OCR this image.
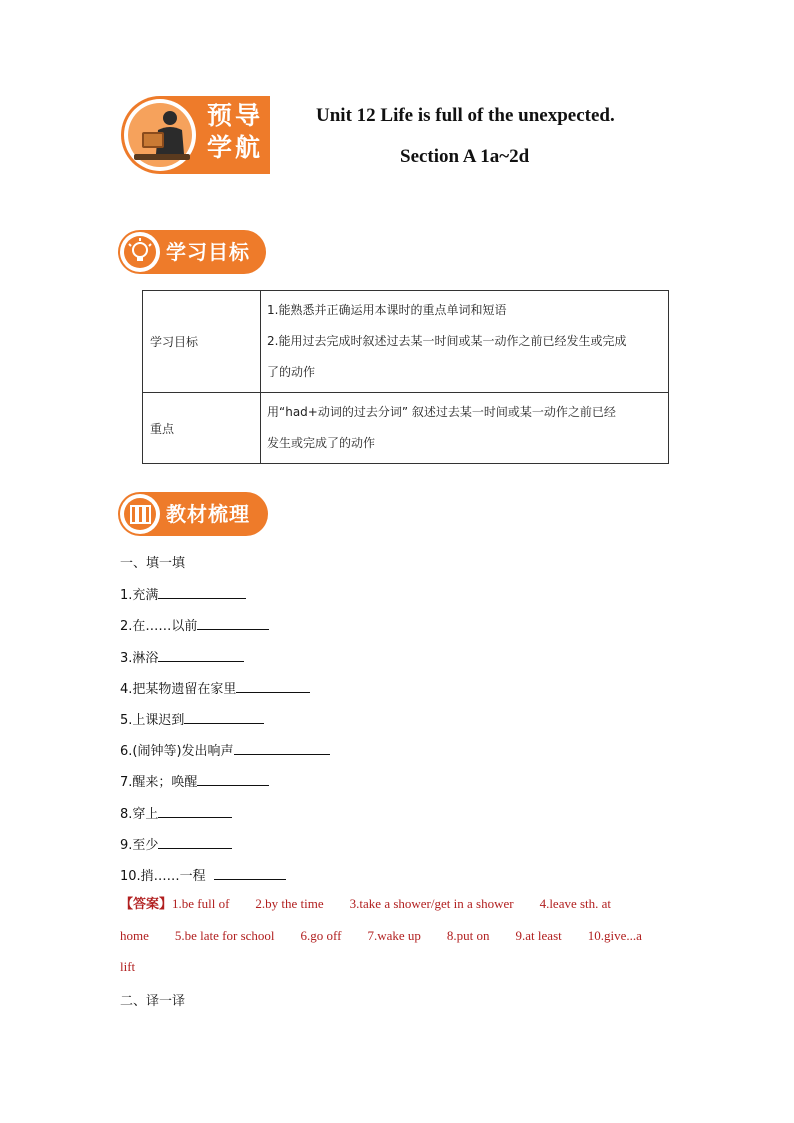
预导学航
Unit 12 Life is full of the unexpected.
Section A 1a~2d
学习目标
学习目标	1.能熟悉并正确运用本课时的重点单词和短语
2.能用过去完成时叙述过去某一时间或某一动作之前已经发生或完成
了的动作

重点	用“had+动词的过去分词” 叙述过去某一时间或某一动作之前已经
发生或完成了的动作
教材梳理
一、填一填
1.充满
2.在……以前
3.淋浴
4.把某物遗留在家里
5.上课迟到
6.(闹钟等)发出响声
7.醒来；唤醒
8.穿上
9.至少
10.捎……一程
【答案】1.be full of 2.by the time 3.take a shower/get in a shower 4.leave sth. at home 5.be late for school 6.go off 7.wake up 8.put on 9.at least 10.give...a lift
二、译一译
